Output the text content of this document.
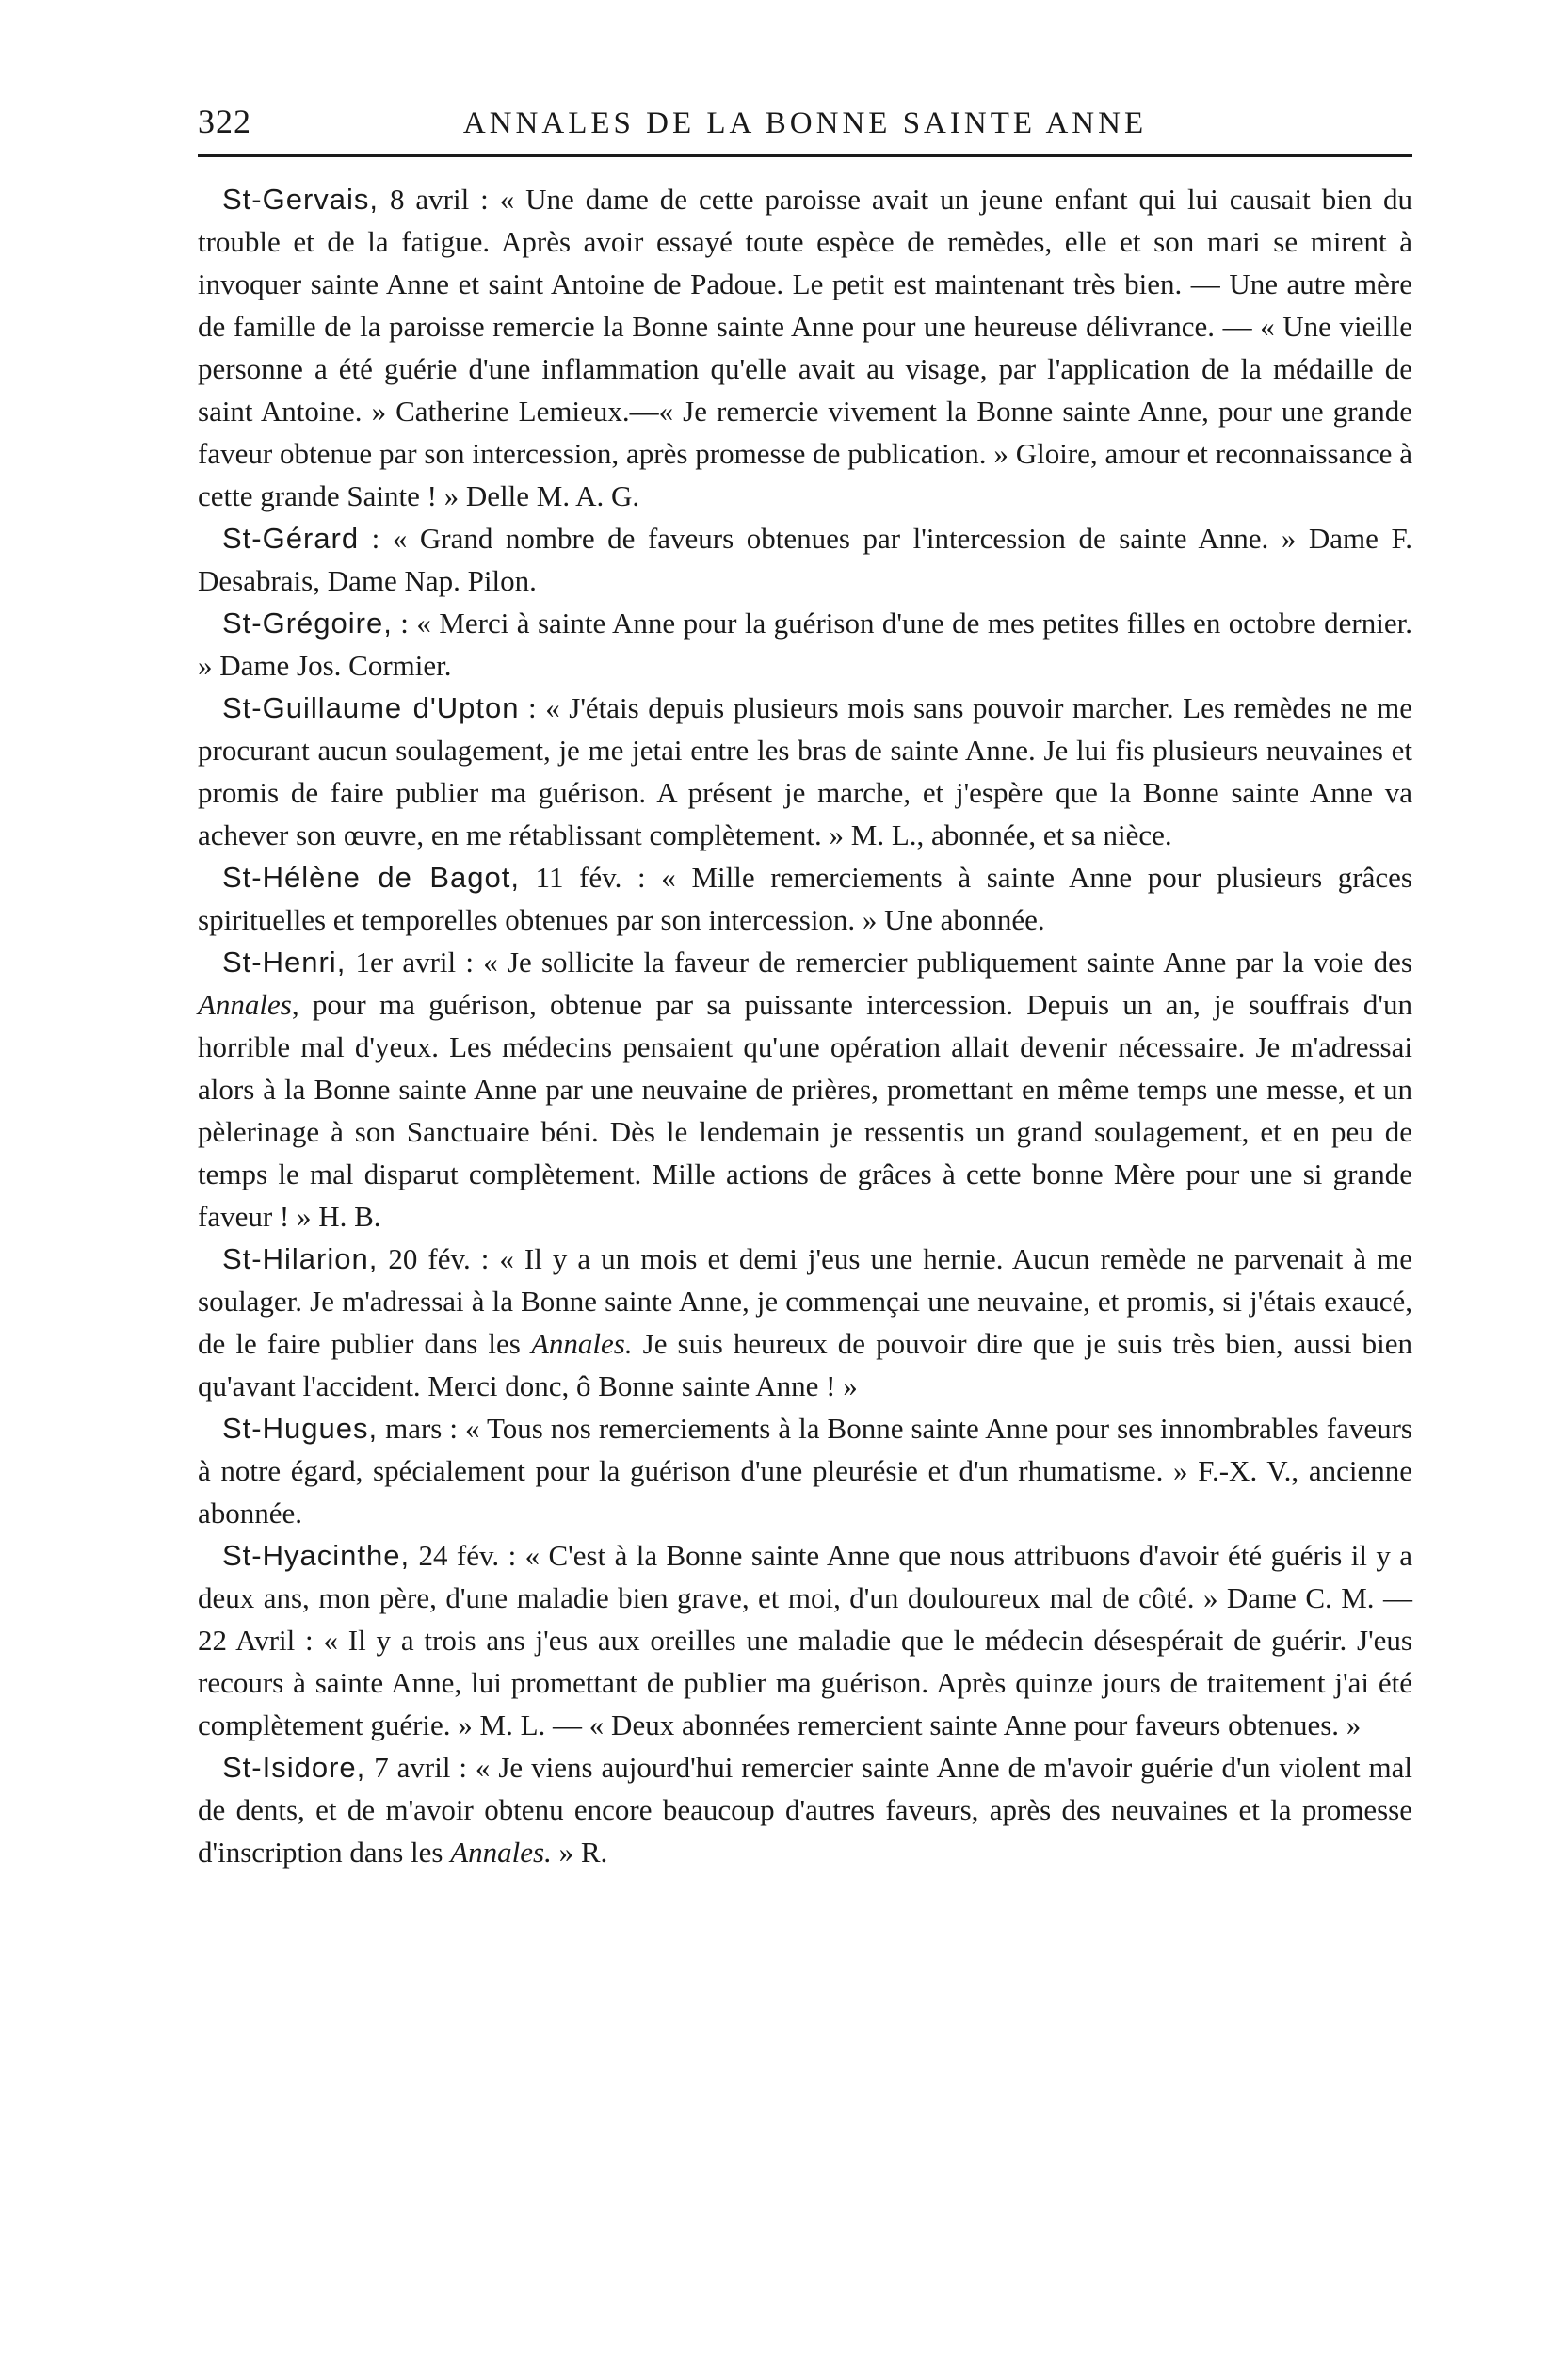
322	ANNALES DE LA BONNE SAINTE ANNE

St-Gervais, 8 avril : « Une dame de cette paroisse avait un jeune enfant qui lui causait bien du trouble et de la fatigue. Après avoir essayé toute espèce de remèdes, elle et son mari se mirent à invoquer sainte Anne et saint Antoine de Padoue. Le petit est maintenant très bien. — Une autre mère de famille de la paroisse remercie la Bonne sainte Anne pour une heureuse délivrance. — « Une vieille personne a été guérie d'une inflammation qu'elle avait au visage, par l'application de la médaille de saint Antoine. » Catherine Lemieux.—« Je remercie vivement la Bonne sainte Anne, pour une grande faveur obtenue par son intercession, après promesse de publication. » Gloire, amour et reconnaissance à cette grande Sainte ! » Delle M. A. G.

St-Gérard : « Grand nombre de faveurs obtenues par l'intercession de sainte Anne. » Dame F. Desabrais, Dame Nap. Pilon.

St-Grégoire, : « Merci à sainte Anne pour la guérison d'une de mes petites filles en octobre dernier. » Dame Jos. Cormier.

St-Guillaume d'Upton : « J'étais depuis plusieurs mois sans pouvoir marcher. Les remèdes ne me procurant aucun soulagement, je me jetai entre les bras de sainte Anne. Je lui fis plusieurs neuvaines et promis de faire publier ma guérison. A présent je marche, et j'espère que la Bonne sainte Anne va achever son œuvre, en me rétablissant complètement. » M. L., abonnée, et sa nièce.

St-Hélène de Bagot, 11 fév. : « Mille remerciements à sainte Anne pour plusieurs grâces spirituelles et temporelles obtenues par son intercession. » Une abonnée.

St-Henri, 1er avril : « Je sollicite la faveur de remercier publiquement sainte Anne par la voie des Annales, pour ma guérison, obtenue par sa puissante intercession. Depuis un an, je souffrais d'un horrible mal d'yeux. Les médecins pensaient qu'une opération allait devenir nécessaire. Je m'adressai alors à la Bonne sainte Anne par une neuvaine de prières, promettant en même temps une messe, et un pèlerinage à son Sanctuaire béni. Dès le lendemain je ressentis un grand soulagement, et en peu de temps le mal disparut complètement. Mille actions de grâces à cette bonne Mère pour une si grande faveur ! » H. B.

St-Hilarion, 20 fév. : « Il y a un mois et demi j'eus une hernie. Aucun remède ne parvenait à me soulager. Je m'adressai à la Bonne sainte Anne, je commençai une neuvaine, et promis, si j'étais exaucé, de le faire publier dans les Annales. Je suis heureux de pouvoir dire que je suis très bien, aussi bien qu'avant l'accident. Merci donc, ô Bonne sainte Anne ! »

St-Hugues, mars : « Tous nos remerciements à la Bonne sainte Anne pour ses innombrables faveurs à notre égard, spécialement pour la guérison d'une pleurésie et d'un rhumatisme. » F.-X. V., ancienne abonnée.

St-Hyacinthe, 24 fév. : « C'est à la Bonne sainte Anne que nous attribuons d'avoir été guéris il y a deux ans, mon père, d'une maladie bien grave, et moi, d'un douloureux mal de côté. » Dame C. M. — 22 Avril : « Il y a trois ans j'eus aux oreilles une maladie que le médecin désespérait de guérir. J'eus recours à sainte Anne, lui promettant de publier ma guérison. Après quinze jours de traitement j'ai été complètement guérie. » M. L. — « Deux abonnées remercient sainte Anne pour faveurs obtenues. »

St-Isidore, 7 avril : « Je viens aujourd'hui remercier sainte Anne de m'avoir guérie d'un violent mal de dents, et de m'avoir obtenu encore beaucoup d'autres faveurs, après des neuvaines et la promesse d'inscription dans les Annales. » R.
